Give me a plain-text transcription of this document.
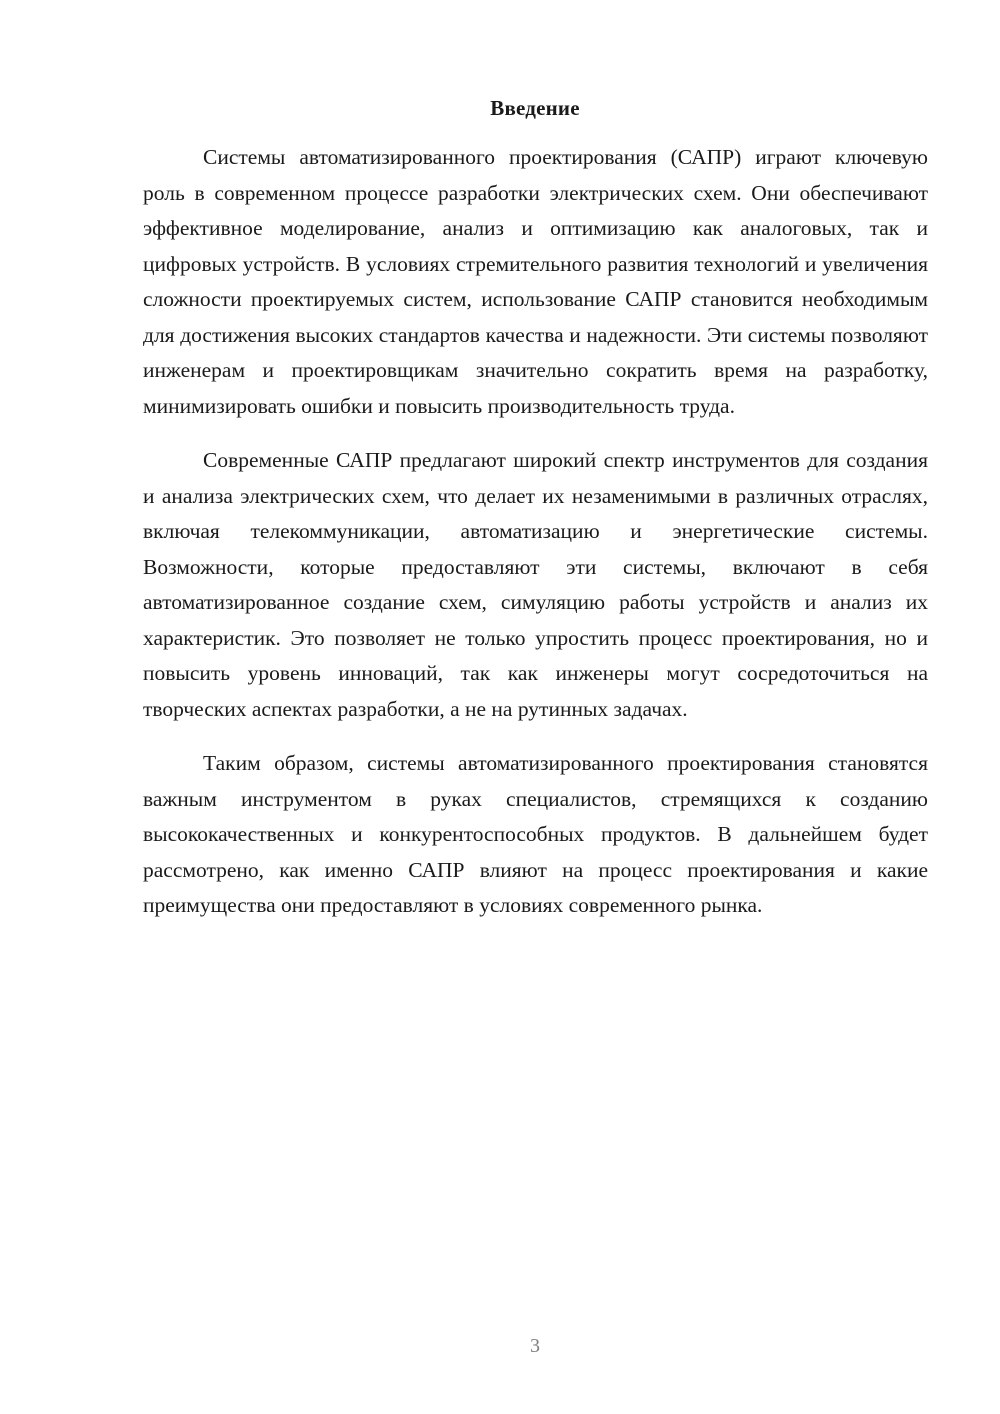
Введение

Системы автоматизированного проектирования (САПР) играют ключевую роль в современном процессе разработки электрических схем. Они обеспечивают эффективное моделирование, анализ и оптимизацию как аналоговых, так и цифровых устройств. В условиях стремительного развития технологий и увеличения сложности проектируемых систем, использование САПР становится необходимым для достижения высоких стандартов качества и надежности. Эти системы позволяют инженерам и проектировщикам значительно сократить время на разработку, минимизировать ошибки и повысить производительность труда.

Современные САПР предлагают широкий спектр инструментов для создания и анализа электрических схем, что делает их незаменимыми в различных отраслях, включая телекоммуникации, автоматизацию и энергетические системы. Возможности, которые предоставляют эти системы, включают в себя автоматизированное создание схем, симуляцию работы устройств и анализ их характеристик. Это позволяет не только упростить процесс проектирования, но и повысить уровень инноваций, так как инженеры могут сосредоточиться на творческих аспектах разработки, а не на рутинных задачах.

Таким образом, системы автоматизированного проектирования становятся важным инструментом в руках специалистов, стремящихся к созданию высококачественных и конкурентоспособных продуктов. В дальнейшем будет рассмотрено, как именно САПР влияют на процесс проектирования и какие преимущества они предоставляют в условиях современного рынка.

3
